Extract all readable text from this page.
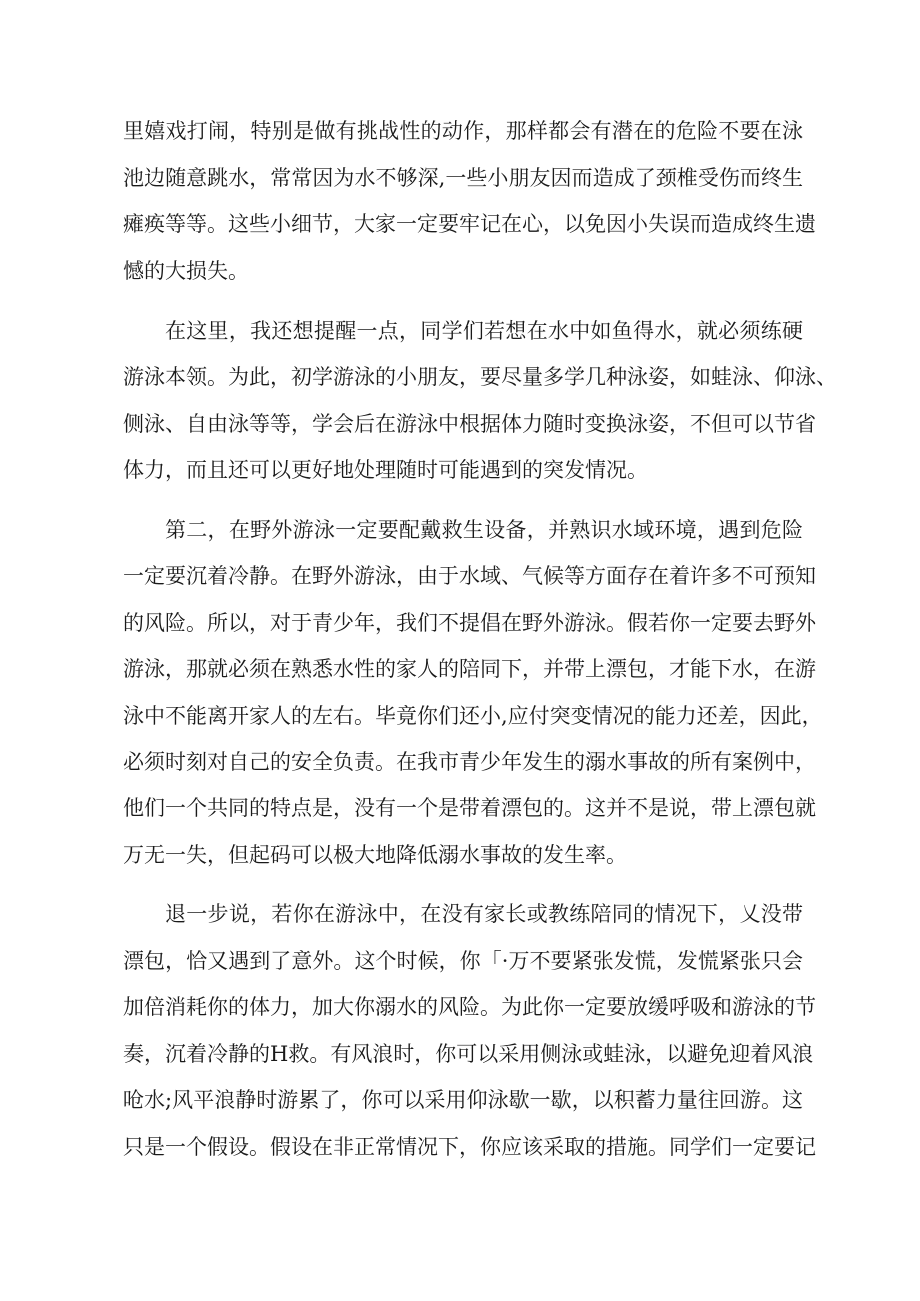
里嬉戏打闹，特别是做有挑战性的动作，那样都会有潜在的危险不要在泳
池边随意跳水，常常因为水不够深,一些小朋友因而造成了颈椎受伤而终生
瘫痪等等。这些小细节，大家一定要牢记在心，以免因小失误而造成终生遗
憾的大损失。
在这里，我还想提醒一点，同学们若想在水中如鱼得水，就必须练硬
游泳本领。为此，初学游泳的小朋友，要尽量多学几种泳姿，如蛙泳、仰泳、
侧泳、自由泳等等，学会后在游泳中根据体力随时变换泳姿，不但可以节省
体力，而且还可以更好地处理随时可能遇到的突发情况。
第二，在野外游泳一定要配戴救生设备，并熟识水域环境，遇到危险
一定要沉着冷静。在野外游泳，由于水域、气候等方面存在着许多不可预知
的风险。所以，对于青少年，我们不提倡在野外游泳。假若你一定要去野外
游泳，那就必须在熟悉水性的家人的陪同下，并带上漂包，才能下水，在游
泳中不能离开家人的左右。毕竟你们还小,应付突变情况的能力还差，因此，
必须时刻对自己的安全负责。在我市青少年发生的溺水事故的所有案例中，
他们一个共同的特点是，没有一个是带着漂包的。这并不是说，带上漂包就
万无一失，但起码可以极大地降低溺水事故的发生率。
退一步说，若你在游泳中，在没有家长或教练陪同的情况下，乂没带
漂包，恰又遇到了意外。这个时候，你「·万不要紧张发慌，发慌紧张只会
加倍消耗你的体力，加大你溺水的风险。为此你一定要放缓呼吸和游泳的节
奏，沉着冷静的H救。有风浪时，你可以采用侧泳或蛙泳，以避免迎着风浪
呛水;风平浪静时游累了，你可以采用仰泳歇一歇，以积蓄力量往回游。这
只是一个假设。假设在非正常情况下，你应该采取的措施。同学们一定要记
